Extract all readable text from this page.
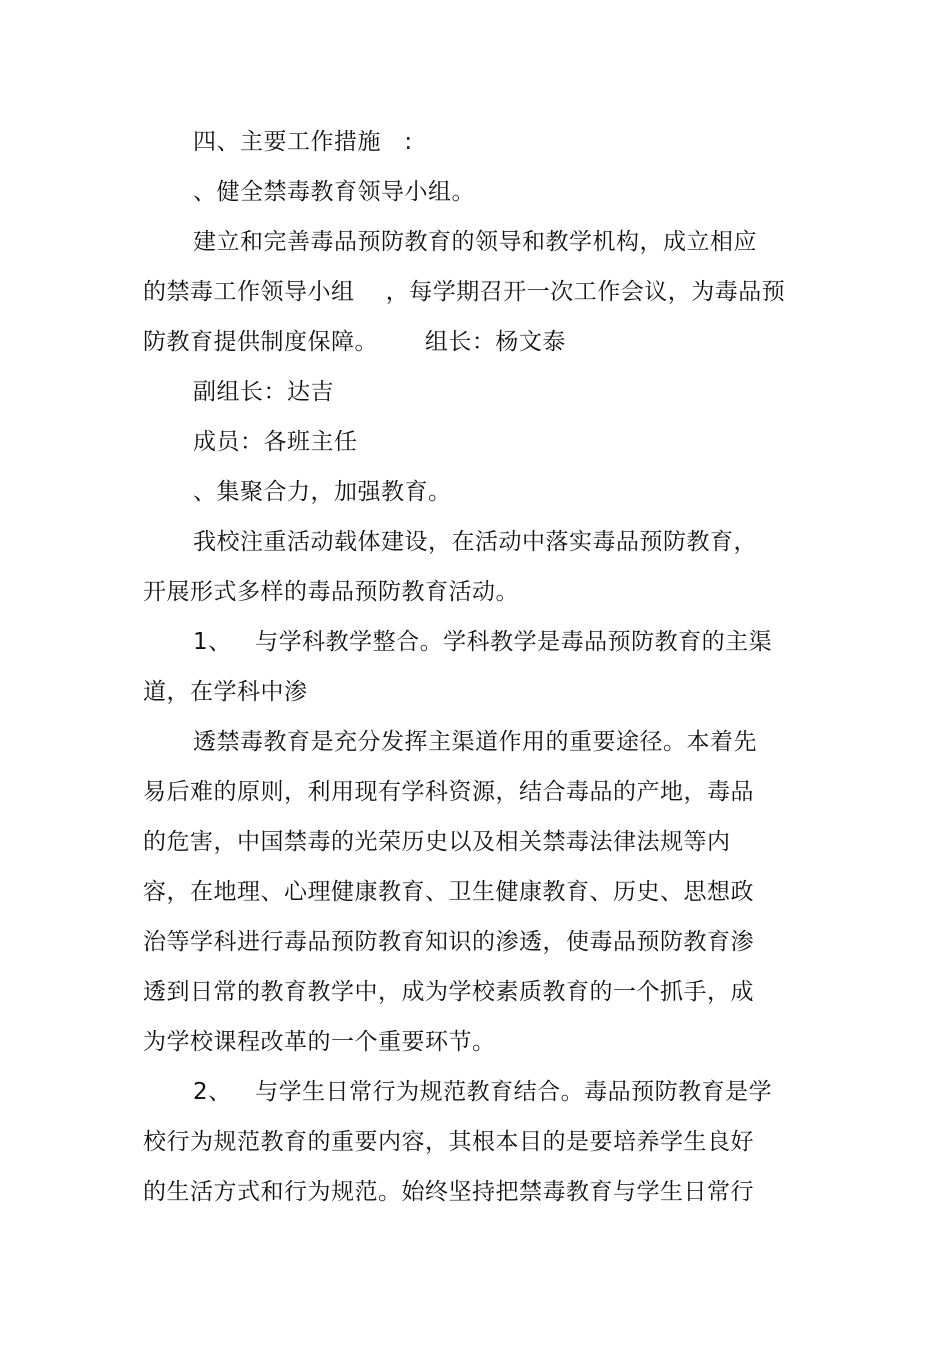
四、主要工作措施   :
、健全禁毒教育领导小组。
建立和完善毒品预防教育的领导和教学机构，成立相应
的禁毒工作领导小组    ，每学期召开一次工作会议，为毒品预
防教育提供制度保障。      组长：杨文泰
副组长：达吉
成员：各班主任
、集聚合力，加强教育。
我校注重活动载体建设，在活动中落实毒品预防教育，
开展形式多样的毒品预防教育活动。
1、   与学科教学整合。学科教学是毒品预防教育的主渠
道，在学科中渗
透禁毒教育是充分发挥主渠道作用的重要途径。本着先
易后难的原则，利用现有学科资源，结合毒品的产地，毒品
的危害，中国禁毒的光荣历史以及相关禁毒法律法规等内
容，在地理、心理健康教育、卫生健康教育、历史、思想政
治等学科进行毒品预防教育知识的渗透，使毒品预防教育渗
透到日常的教育教学中，成为学校素质教育的一个抓手，成
为学校课程改革的一个重要环节。
2、   与学生日常行为规范教育结合。毒品预防教育是学
校行为规范教育的重要内容，其根本目的是要培养学生良好
的生活方式和行为规范。始终坚持把禁毒教育与学生日常行
